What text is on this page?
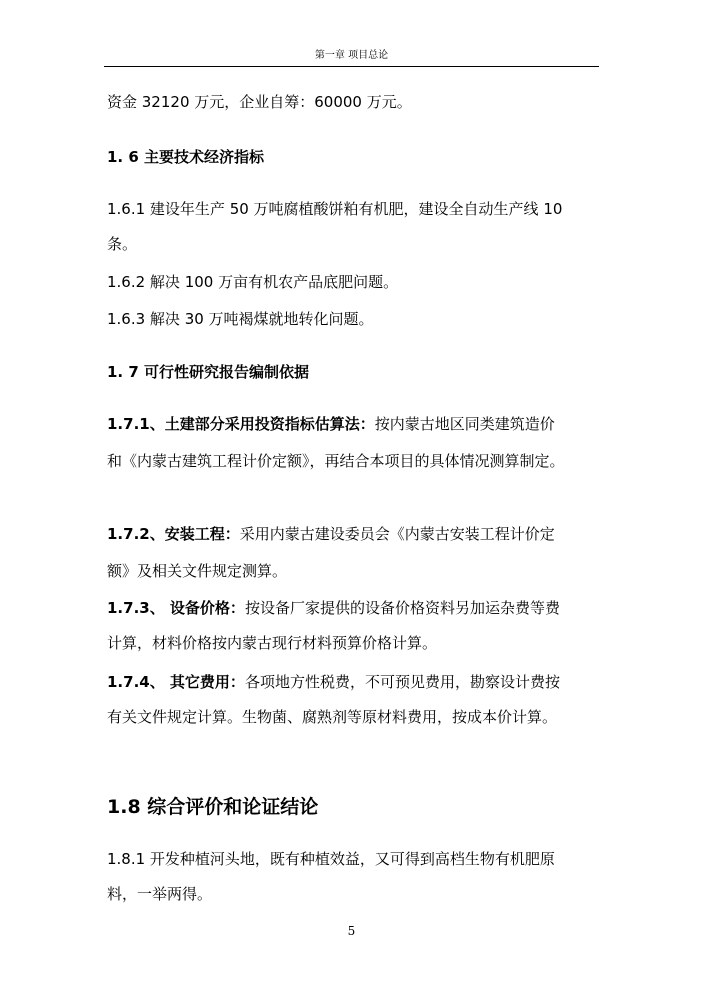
第一章 项目总论
资金 32120 万元，企业自筹：60000 万元。
1. 6 主要技术经济指标
1.6.1 建设年生产 50 万吨腐植酸饼粕有机肥，建设全自动生产线 10
条。
1.6.2 解决 100 万亩有机农产品底肥问题。
1.6.3 解决 30 万吨褐煤就地转化问题。
1. 7 可行性研究报告编制依据
1.7.1、土建部分采用投资指标估算法：按内蒙古地区同类建筑造价
和《内蒙古建筑工程计价定额》，再结合本项目的具体情况测算制定。
1.7.2、安装工程：采用内蒙古建设委员会《内蒙古安装工程计价定
额》及相关文件规定测算。
1.7.3、 设备价格：按设备厂家提供的设备价格资料另加运杂费等费
计算，材料价格按内蒙古现行材料预算价格计算。
1.7.4、 其它费用：各项地方性税费，不可预见费用，勘察设计费按
有关文件规定计算。生物菌、腐熟剂等原材料费用，按成本价计算。
1.8 综合评价和论证结论
1.8.1 开发种植河头地，既有种植效益，又可得到高档生物有机肥原
料，一举两得。
5
